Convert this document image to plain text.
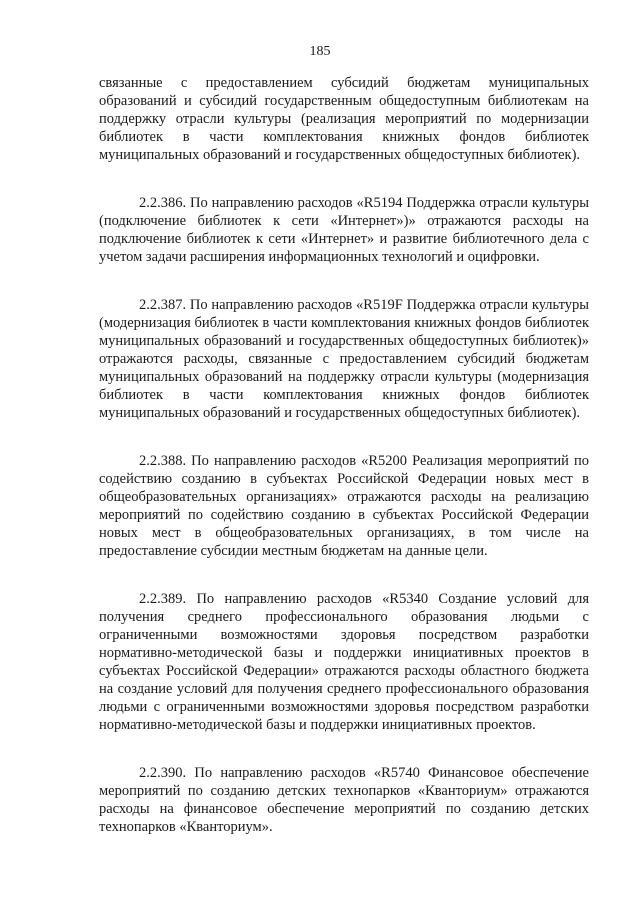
185

связанные с предоставлением субсидий бюджетам муниципальных образований и субсидий государственным общедоступным библиотекам на поддержку отрасли культуры (реализация мероприятий по модернизации библиотек в части комплектования книжных фондов библиотек муниципальных образований и государственных общедоступных библиотек).

2.2.386. По направлению расходов «R5194 Поддержка отрасли культуры (подключение библиотек к сети «Интернет»)» отражаются расходы на подключение библиотек к сети «Интернет» и развитие библиотечного дела с учетом задачи расширения информационных технологий и оцифровки.

2.2.387. По направлению расходов «R519F Поддержка отрасли культуры (модернизация библиотек в части комплектования книжных фондов библиотек муниципальных образований и государственных общедоступных библиотек)» отражаются расходы, связанные с предоставлением субсидий бюджетам муниципальных образований на поддержку отрасли культуры (модернизация библиотек в части комплектования книжных фондов библиотек муниципальных образований и государственных общедоступных библиотек).

2.2.388. По направлению расходов «R5200 Реализация мероприятий по содействию созданию в субъектах Российской Федерации новых мест в общеобразовательных организациях» отражаются расходы на реализацию мероприятий по содействию созданию в субъектах Российской Федерации новых мест в общеобразовательных организациях, в том числе на предоставление субсидии местным бюджетам на данные цели.

2.2.389. По направлению расходов «R5340 Создание условий для получения среднего профессионального образования людьми с ограниченными возможностями здоровья посредством разработки нормативно-методической базы и поддержки инициативных проектов в субъектах Российской Федерации» отражаются расходы областного бюджета на создание условий для получения среднего профессионального образования людьми с ограниченными возможностями здоровья посредством разработки нормативно-методической базы и поддержки инициативных проектов.

2.2.390. По направлению расходов «R5740 Финансовое обеспечение мероприятий по созданию детских технопарков «Кванториум» отражаются расходы на финансовое обеспечение мероприятий по созданию детских технопарков «Кванториум».
